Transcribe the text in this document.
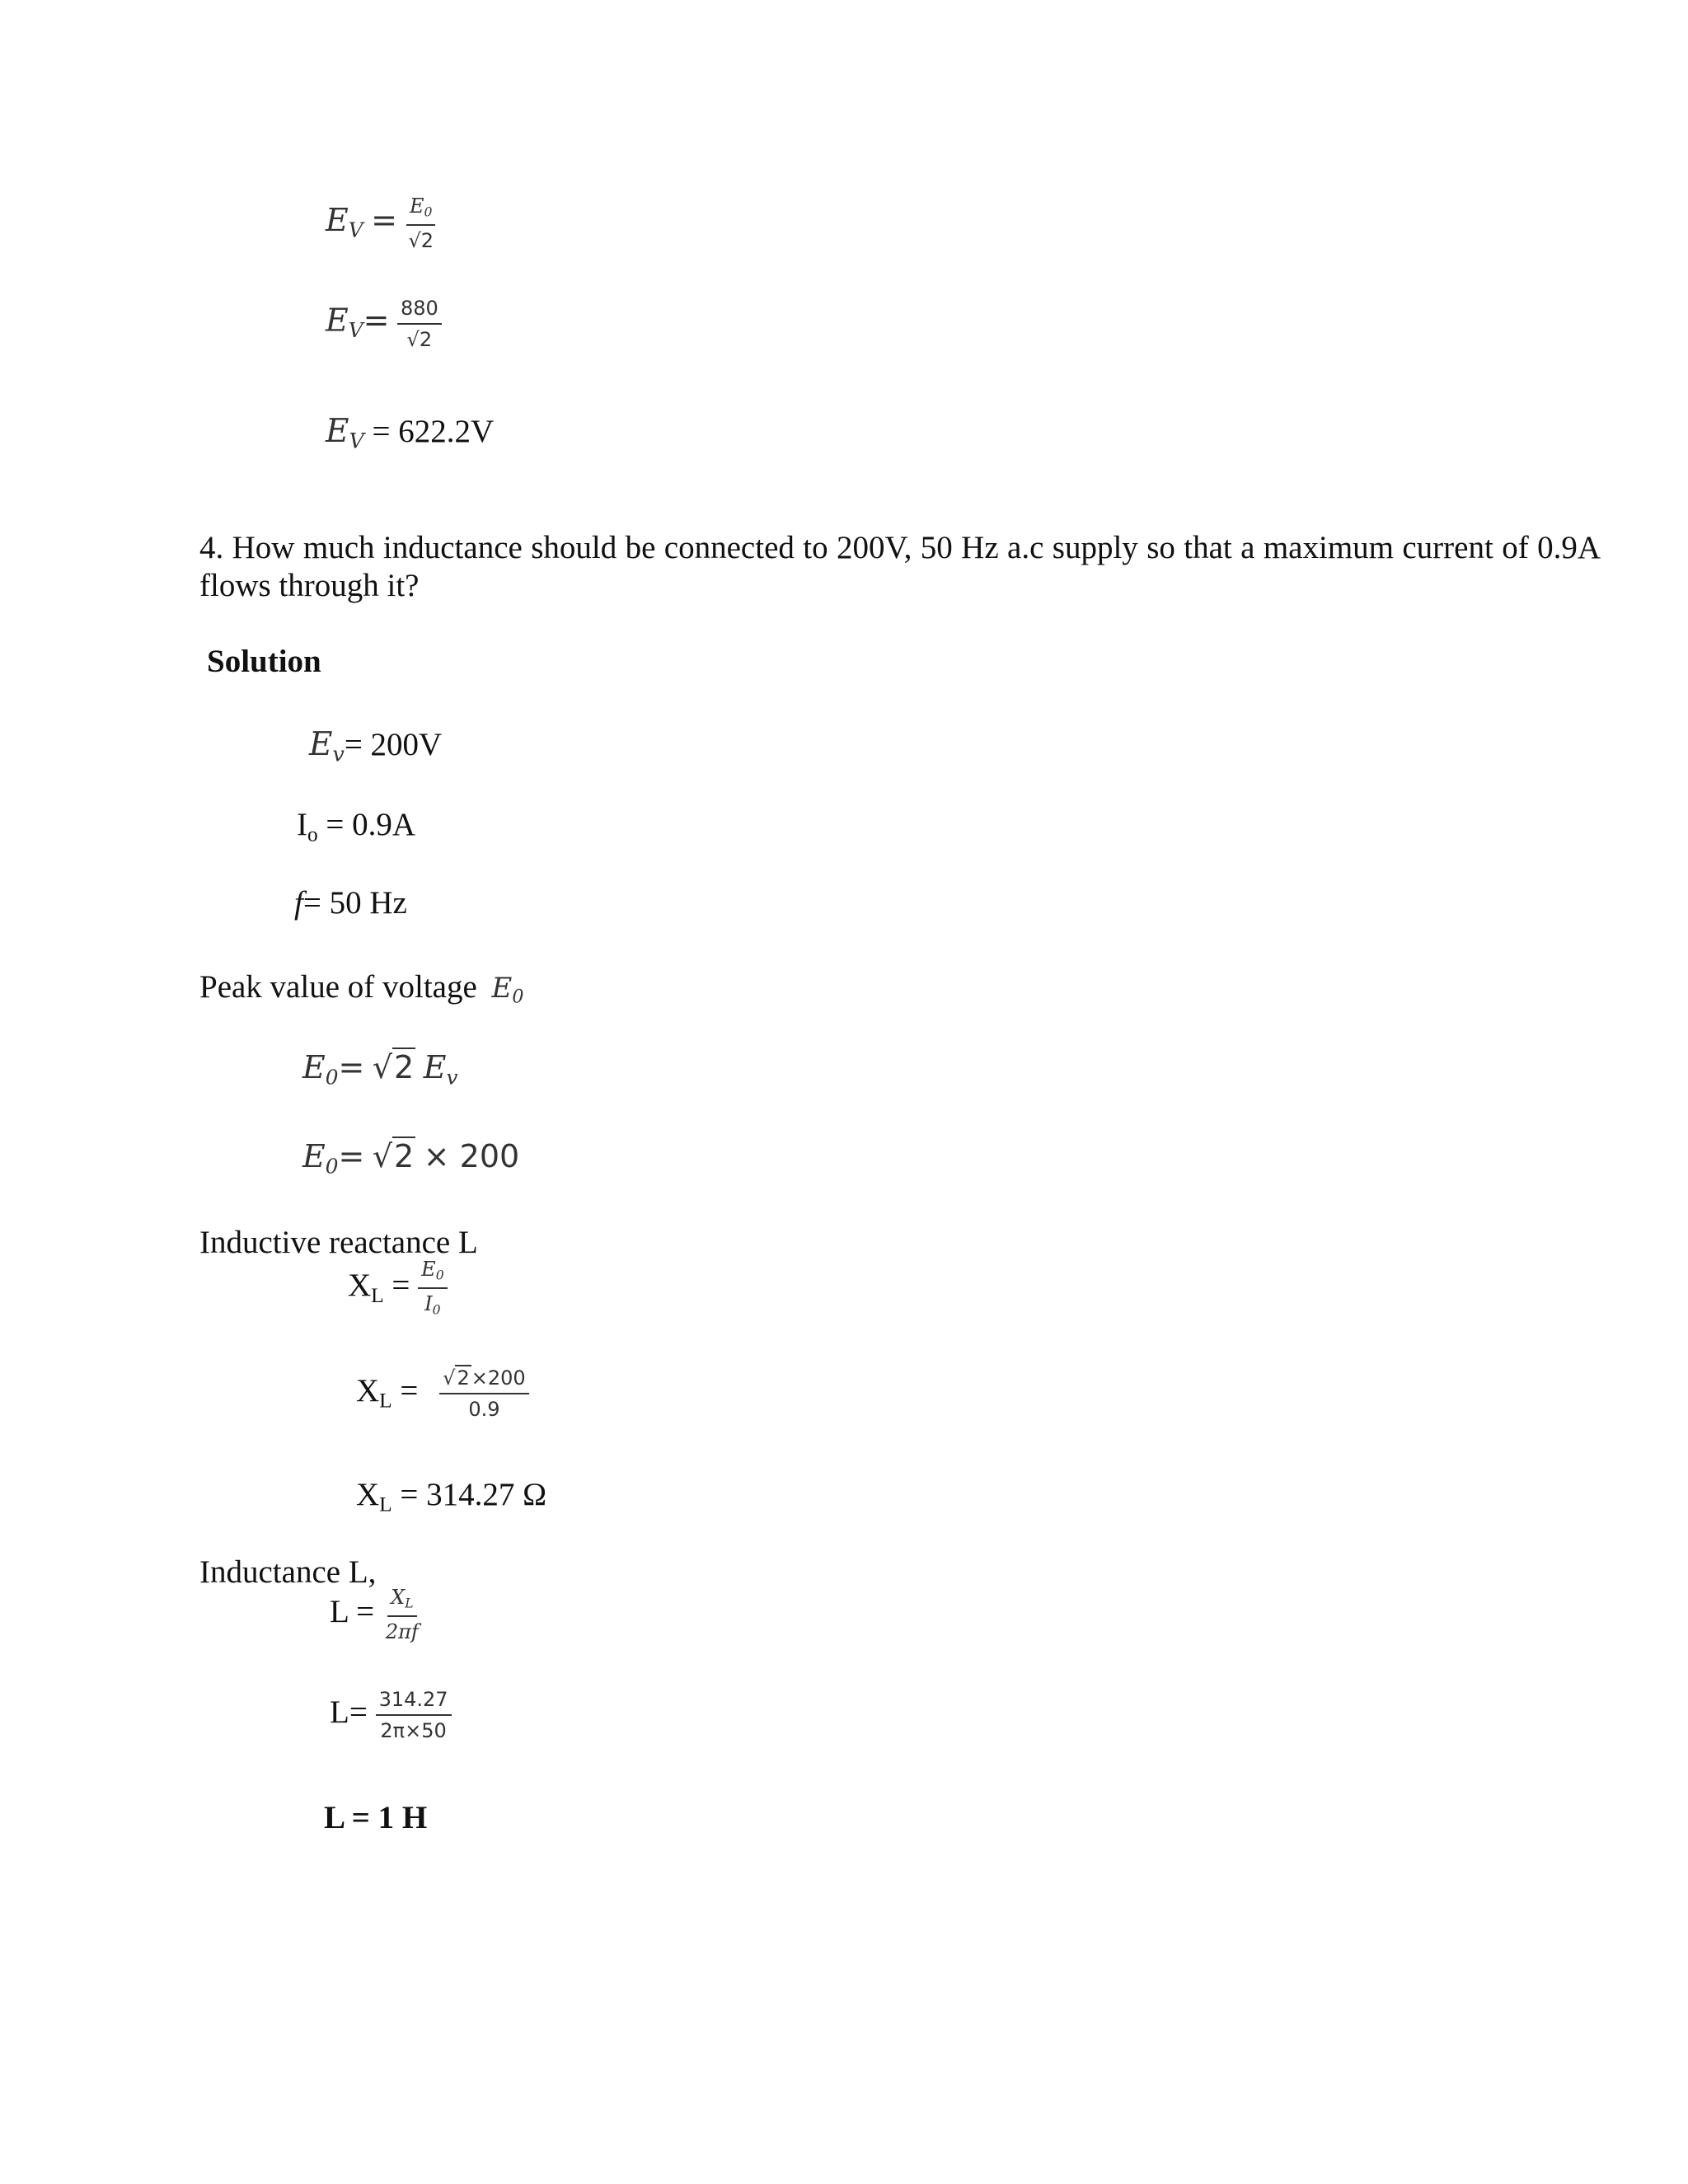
$E_V = \frac{E_0}{√2}$
$E_V= \frac{880}{√2}$
$E_V = 622.2V$
4. How much inductance should be connected to 200V, 50 Hz a.c supply so that a maximum current of 0.9A flows through it?
Solution
$E_v= 200V$
$I_o = 0.9A$
f= 50 Hz
Peak value of voltage $E_0$
$E_0= √2$ $E_v$
$E_0= √2 \times 200$
Inductive reactance L
$X_L = \frac{E_0}{I_0}$
$X_L = \frac{√2\times 200}{0.9}$
$X_L = 314.27$ Ω
Inductance L,
$L = \frac{X_L}{2\pi f}$
$L= \frac{314.27}{2\pi\times 50}$
L = 1 H
